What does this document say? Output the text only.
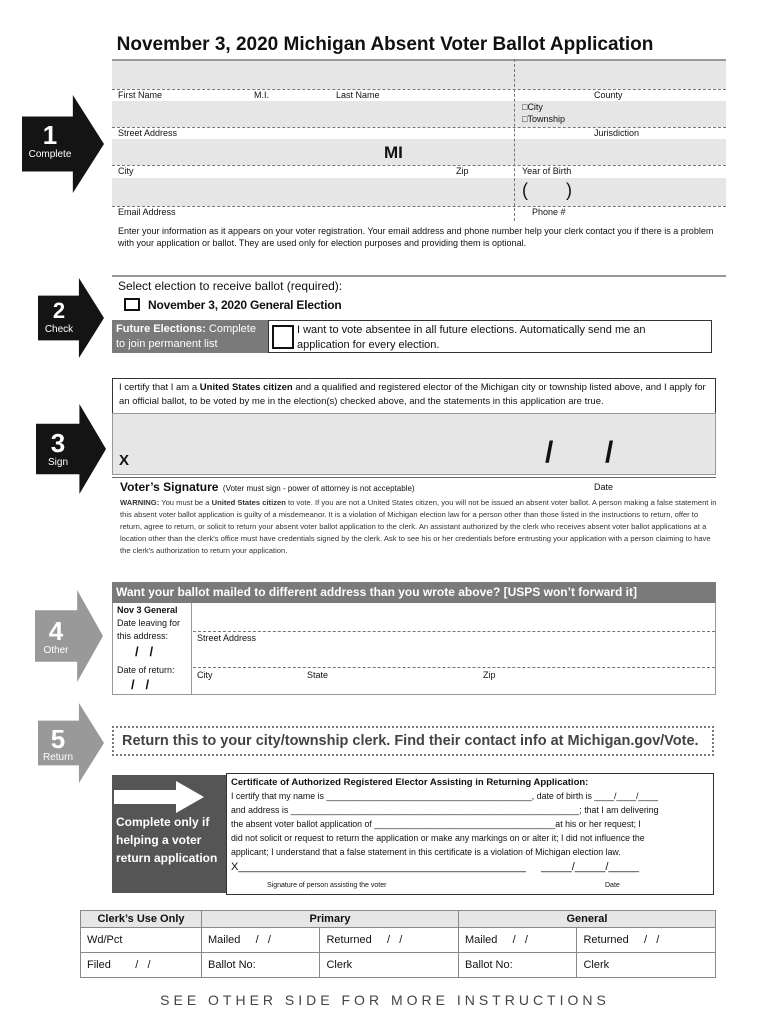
November 3, 2020 Michigan Absent Voter Ballot Application
1
Complete
2
Check
3
Sign
4
Other
5
Return
First Name	M.I.	Last Name	County
□City
□Township
Street Address	Jurisdiction
MI
City	Zip	Year of Birth
( )
Email Address	Phone #
Enter your information as it appears on your voter registration. Your email address and phone number help your clerk contact you if there is a problem with your application or ballot. They are used only for election purposes and providing them is optional.
Select election to receive ballot (required):
November 3, 2020 General Election
Future Elections: Complete to join permanent list
I want to vote absentee in all future elections. Automatically send me an application for every election.
I certify that I am a United States citizen and a qualified and registered elector of the Michigan city or township listed above, and I apply for an official ballot, to be voted by me in the election(s) checked above, and the statements in this application are true.
X	/ /
Voter’s Signature (Voter must sign - power of attorney is not acceptable)	Date
WARNING: You must be a United States citizen to vote. If you are not a United States citizen, you will not be issued an absent voter ballot. A person making a false statement in this absent voter ballot application is guilty of a misdemeanor. It is a violation of Michigan election law for a person other than those listed in the instructions to return, offer to return, agree to return, or solicit to return your absent voter ballot application to the clerk. An assistant authorized by the clerk who receives absent voter ballot applications at a location other than the clerk's office must have credentials signed by the clerk. Ask to see his or her credentials before entrusting your application with a person claiming to have the clerk's authorization to return your application.
Want your ballot mailed to different address than you wrote above? [USPS won’t forward it]
Nov 3 General
Date leaving for this address:
/   /
Date of return:
/   /
Street Address
City	State	Zip
Return this to your city/township clerk. Find their contact info at Michigan.gov/Vote.
Complete only if helping a voter return application
Certificate of Authorized Registered Elector Assisting in Returning Application:
I certify that my name is __________________________________________, date of birth is ____/____/____
and address is ___________________________________________________________; that I am delivering
the absent voter ballot application of _____________________________________at his or her request; I
did not solicit or request to return the application or make any markings on or alter it; I did not influence the
applicant; I understand that a false statement in this certificate is a violation of Michigan election law.
X_______________________________________________     _____/_____/_____
Signature of person assisting the voter	Date
Clerk’s Use Only	Primary		General	
Wd/Pct	Mailed     /   /	Returned     /   /	Mailed     /   /	Returned     /   /
Filed        /   /	Ballot No:	Clerk	Ballot No:	Clerk
SEE OTHER SIDE FOR MORE INSTRUCTIONS
